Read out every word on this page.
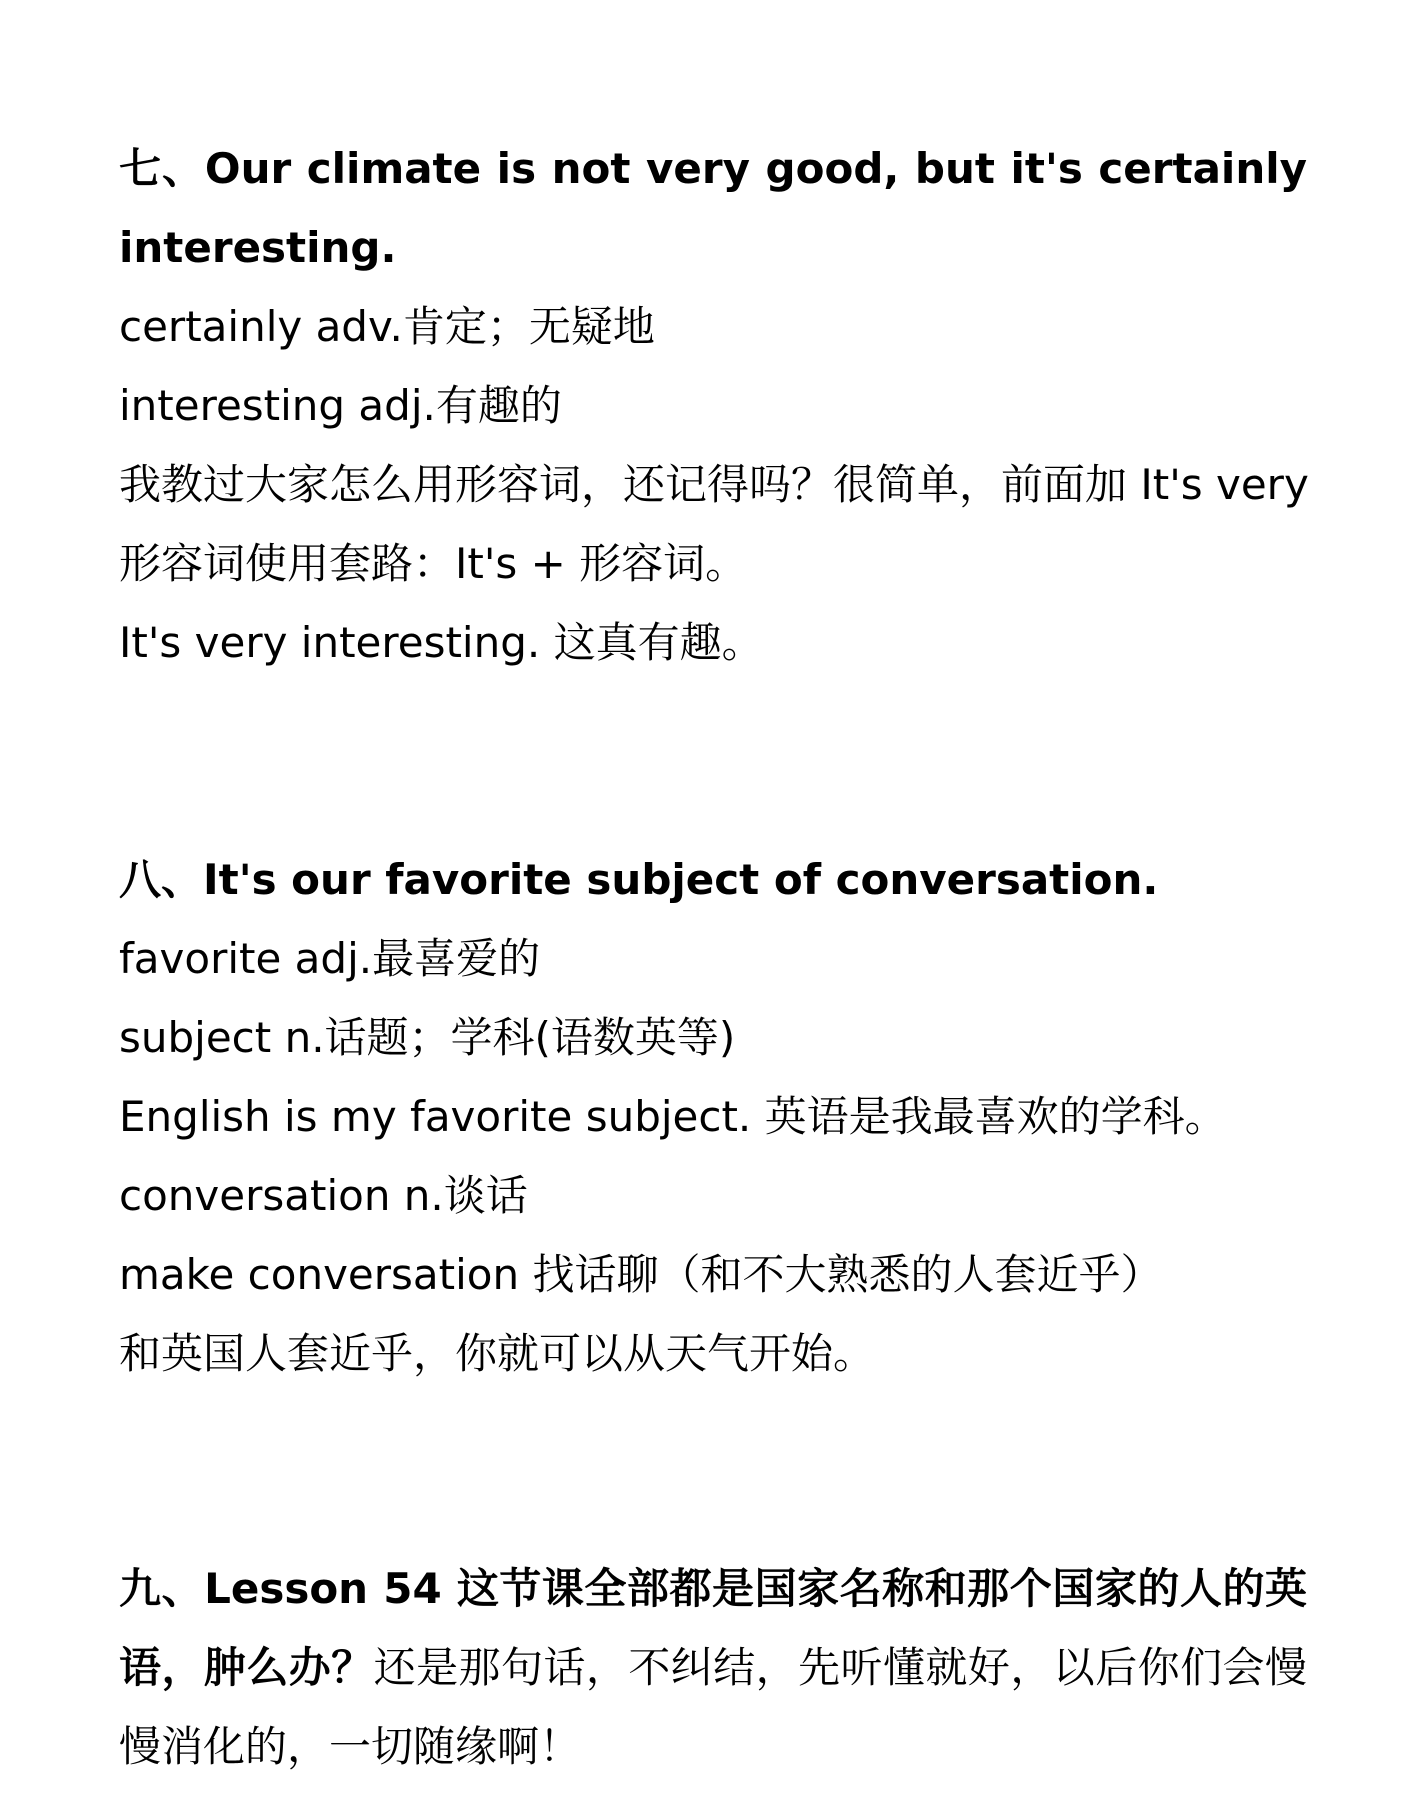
七、Our climate is not very good, but it's certainly
interesting.
certainly adv.肯定；无疑地
interesting adj.有趣的
我教过大家怎么用形容词，还记得吗？很简单，前面加 It's very
形容词使用套路：It's + 形容词。
It's very interesting. 这真有趣。
八、It's our favorite subject of conversation.
favorite adj.最喜爱的
subject n.话题；学科(语数英等)
English is my favorite subject. 英语是我最喜欢的学科。
conversation n.谈话
make conversation 找话聊（和不大熟悉的人套近乎）
和英国人套近乎，你就可以从天气开始。
九、Lesson 54 这节课全部都是国家名称和那个国家的人的英语，肿么办？还是那句话，不纠结，先听懂就好，以后你们会慢慢消化的，一切随缘啊！
